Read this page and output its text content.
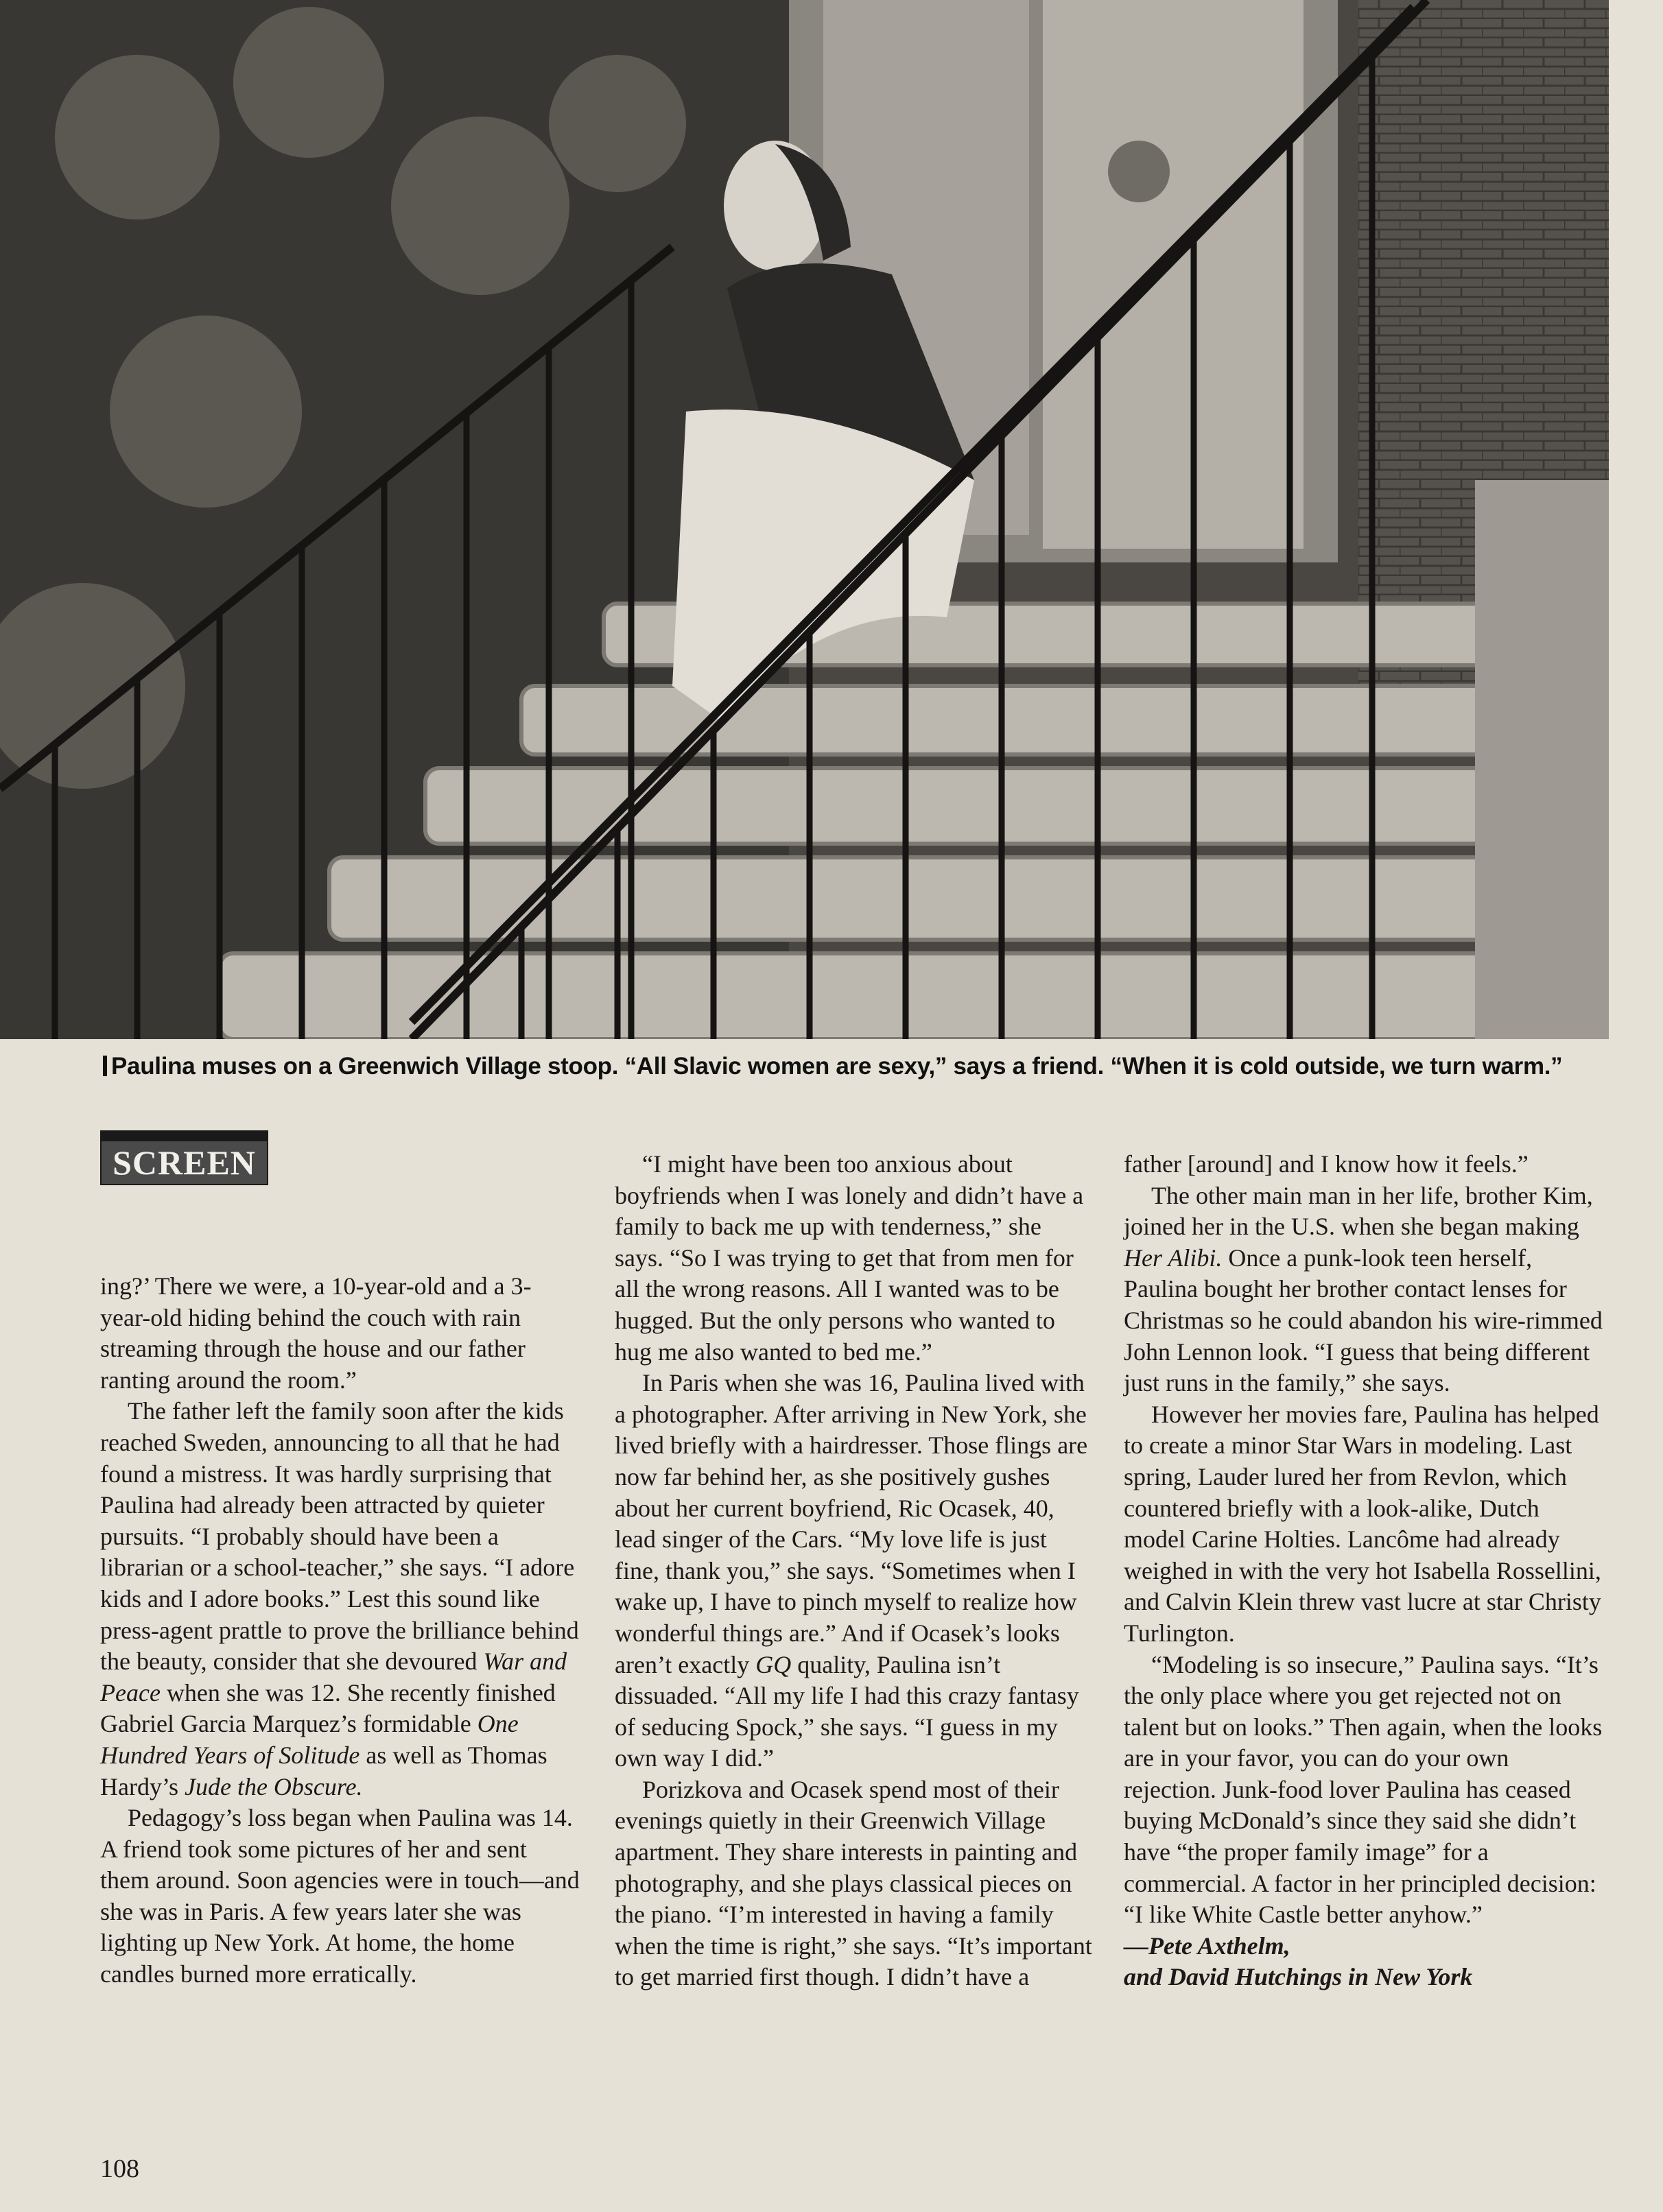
Paulina muses on a Greenwich Village stoop. “All Slavic women are sexy,” says a friend. “When it is cold outside, we turn warm.”
SCREEN

ing?’ There we were, a 10-year-old and a 3-year-old hiding behind the couch with rain streaming through the house and our father ranting around the room.”

The father left the family soon after the kids reached Sweden, announcing to all that he had found a mistress. It was hardly surprising that Paulina had already been attracted by quieter pursuits. “I probably should have been a librarian or a school-teacher,” she says. “I adore kids and I adore books.” Lest this sound like press-agent prattle to prove the brilliance behind the beauty, consider that she devoured War and Peace when she was 12. She recently finished Gabriel Garcia Marquez’s formidable One Hundred Years of Solitude as well as Thomas Hardy’s Jude the Obscure.

Pedagogy’s loss began when Paulina was 14. A friend took some pictures of her and sent them around. Soon agencies were in touch—and she was in Paris. A few years later she was lighting up New York. At home, the home candles burned more erratically.

“I might have been too anxious about boyfriends when I was lonely and didn’t have a family to back me up with tenderness,” she says. “So I was trying to get that from men for all the wrong reasons. All I wanted was to be hugged. But the only persons who wanted to hug me also wanted to bed me.”

In Paris when she was 16, Paulina lived with a photographer. After arriving in New York, she lived briefly with a hairdresser. Those flings are now far behind her, as she positively gushes about her current boyfriend, Ric Ocasek, 40, lead singer of the Cars. “My love life is just fine, thank you,” she says. “Sometimes when I wake up, I have to pinch myself to realize how wonderful things are.” And if Ocasek’s looks aren’t exactly GQ quality, Paulina isn’t dissuaded. “All my life I had this crazy fantasy of seducing Spock,” she says. “I guess in my own way I did.”

Porizkova and Ocasek spend most of their evenings quietly in their Greenwich Village apartment. They share interests in painting and photography, and she plays classical pieces on the piano. “I’m interested in having a family when the time is right,” she says. “It’s important to get married first though. I didn’t have a

father [around] and I know how it feels.”

The other main man in her life, brother Kim, joined her in the U.S. when she began making Her Alibi. Once a punk-look teen herself, Paulina bought her brother contact lenses for Christmas so he could abandon his wire-rimmed John Lennon look. “I guess that being different just runs in the family,” she says.

However her movies fare, Paulina has helped to create a minor Star Wars in modeling. Last spring, Lauder lured her from Revlon, which countered briefly with a look-alike, Dutch model Carine Holties. Lancôme had already weighed in with the very hot Isabella Rossellini, and Calvin Klein threw vast lucre at star Christy Turlington.

“Modeling is so insecure,” Paulina says. “It’s the only place where you get rejected not on talent but on looks.” Then again, when the looks are in your favor, you can do your own rejection. Junk-food lover Paulina has ceased buying McDonald’s since they said she didn’t have “the proper family image” for a commercial. A factor in her principled decision: “I like White Castle better anyhow.”

—Pete Axthelm,

and David Hutchings in New York

108
